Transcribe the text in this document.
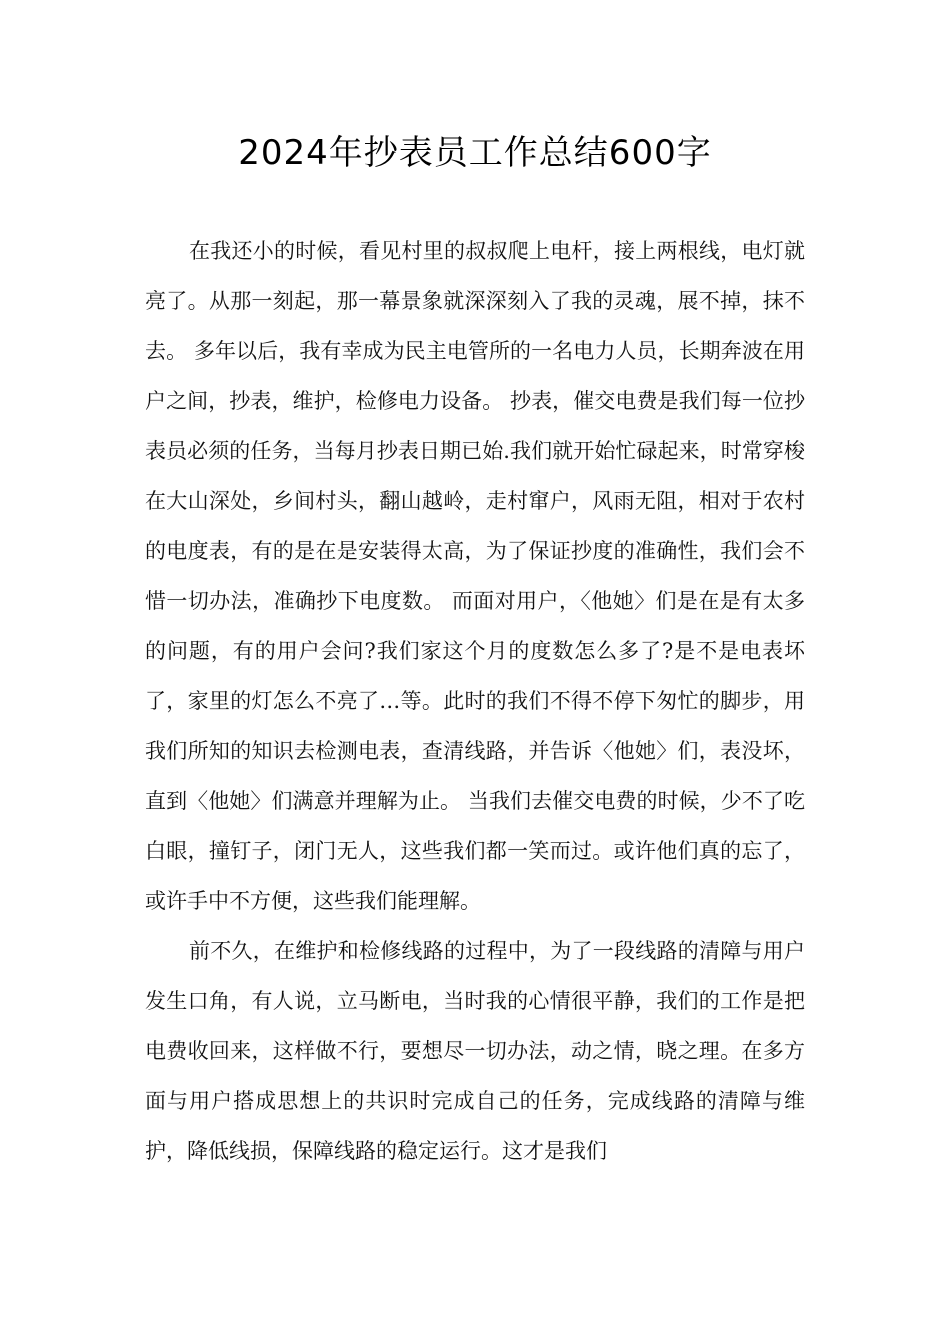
2024年抄表员工作总结600字

在我还小的时候，看见村里的叔叔爬上电杆，接上两根线，电灯就亮了。从那一刻起，那一幕景象就深深刻入了我的灵魂，展不掉，抹不去。 多年以后，我有幸成为民主电管所的一名电力人员，长期奔波在用户之间，抄表，维护，检修电力设备。 抄表，催交电费是我们每一位抄表员必须的任务，当每月抄表日期已始.我们就开始忙碌起来，时常穿梭在大山深处，乡间村头，翻山越岭，走村窜户，风雨无阻，相对于农村的电度表，有的是在是安装得太高，为了保证抄度的准确性，我们会不惜一切办法，准确抄下电度数。 而面对用户，〈他她〉们是在是有太多的问题，有的用户会问?我们家这个月的度数怎么多了?是不是电表坏了，家里的灯怎么不亮了…等。此时的我们不得不停下匆忙的脚步，用我们所知的知识去检测电表，查清线路，并告诉〈他她〉们，表没坏，直到〈他她〉们满意并理解为止。 当我们去催交电费的时候，少不了吃白眼，撞钉子，闭门无人，这些我们都一笑而过。或许他们真的忘了，或许手中不方便，这些我们能理解。

前不久，在维护和检修线路的过程中，为了一段线路的清障与用户发生口角，有人说，立马断电，当时我的心情很平静，我们的工作是把电费收回来，这样做不行，要想尽一切办法，动之情，晓之理。在多方面与用户搭成思想上的共识时完成自己的任务，完成线路的清障与维护，降低线损，保障线路的稳定运行。这才是我们
